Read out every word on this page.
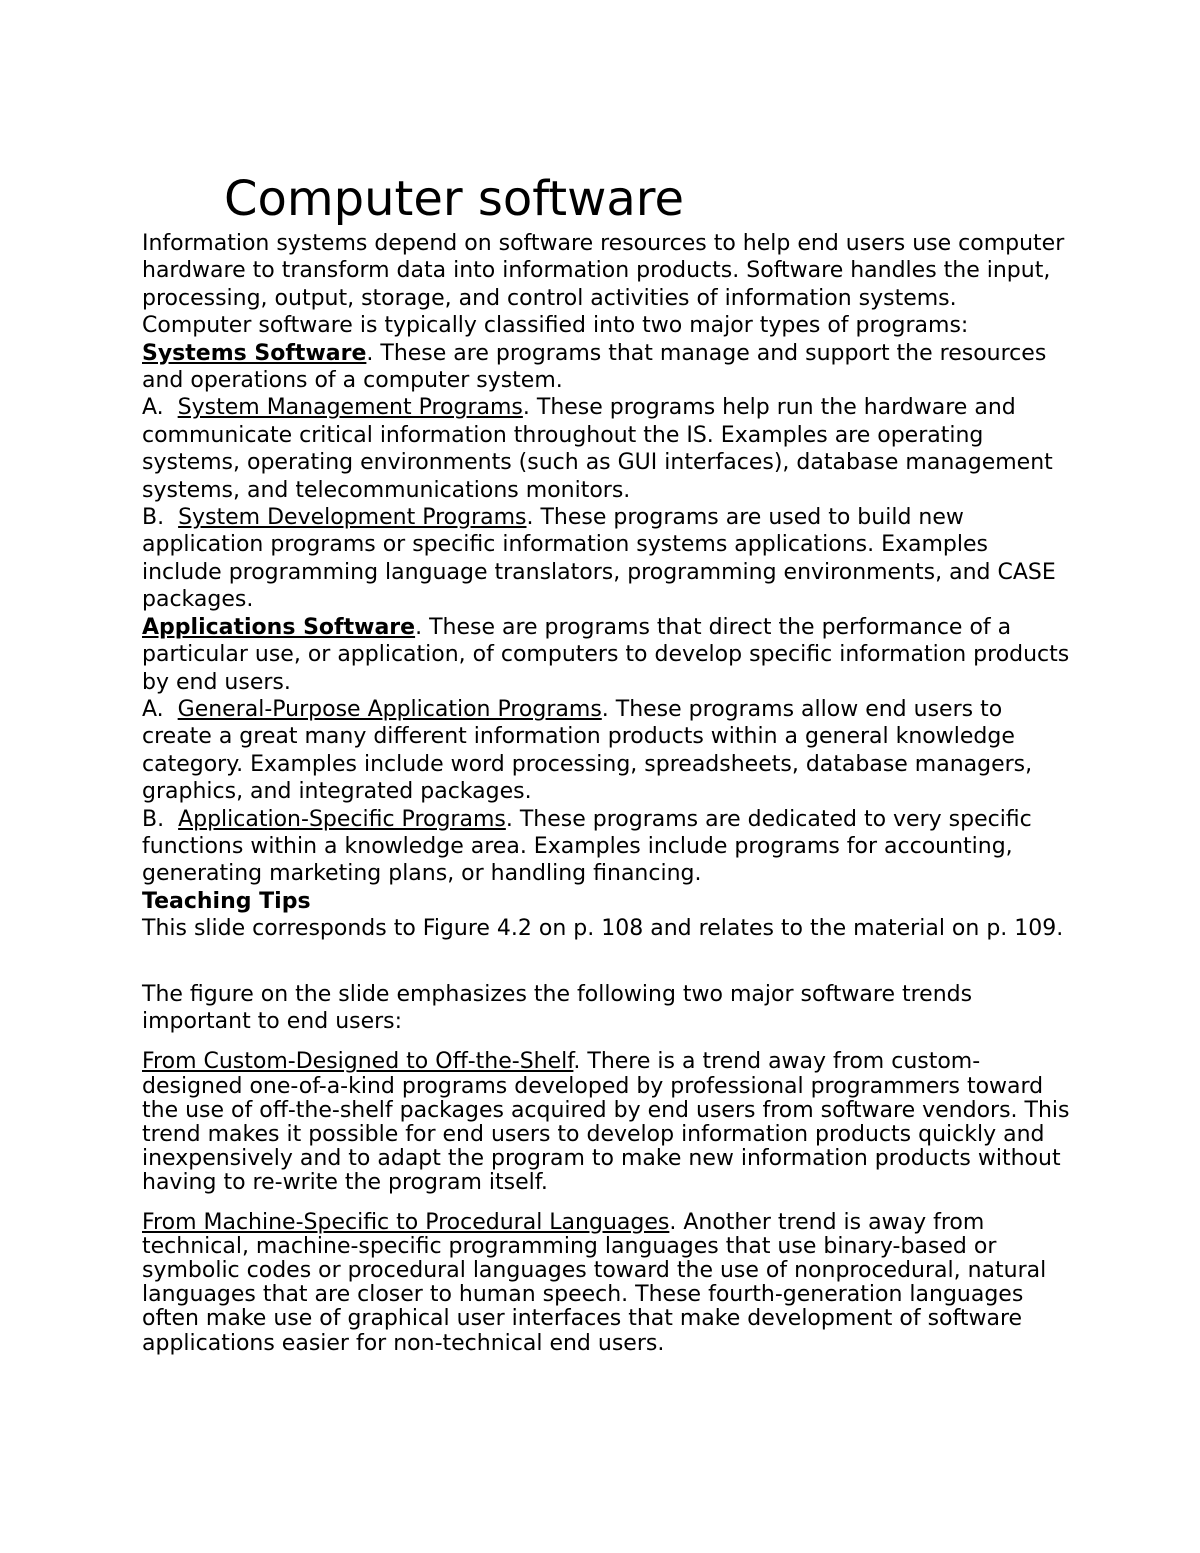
Computer software

Information systems depend on software resources to help end users use computer hardware to transform data into information products. Software handles the input, processing, output, storage, and control activities of information systems. Computer software is typically classified into two major types of programs:

Systems Software. These are programs that manage and support the resources and operations of a computer system.

A.  System Management Programs. These programs help run the hardware and communicate critical information throughout the IS. Examples are operating systems, operating environments (such as GUI interfaces), database management systems, and telecommunications monitors.

B.  System Development Programs. These programs are used to build new application programs or specific information systems applications. Examples include programming language translators, programming environments, and CASE packages.

Applications Software. These are programs that direct the performance of a particular use, or application, of computers to develop specific information products by end users.

A.  General-Purpose Application Programs. These programs allow end users to create a great many different information products within a general knowledge category. Examples include word processing, spreadsheets, database managers, graphics, and integrated packages.

B.  Application-Specific Programs. These programs are dedicated to very specific functions within a knowledge area. Examples include programs for accounting, generating marketing plans, or handling financing.

Teaching Tips

This slide corresponds to Figure 4.2 on p. 108 and relates to the material on p. 109.

The figure on the slide emphasizes the following two major software trends important to end users:

From Custom-Designed to Off-the-Shelf. There is a trend away from custom-designed one-of-a-kind programs developed by professional programmers toward the use of off-the-shelf packages acquired by end users from software vendors. This trend makes it possible for end users to develop information products quickly and inexpensively and to adapt the program to make new information products without having to re-write the program itself.

From Machine-Specific to Procedural Languages. Another trend is away from technical, machine-specific programming languages that use binary-based or symbolic codes or procedural languages toward the use of nonprocedural, natural languages that are closer to human speech. These fourth-generation languages often make use of graphical user interfaces that make development of software applications easier for non-technical end users.
